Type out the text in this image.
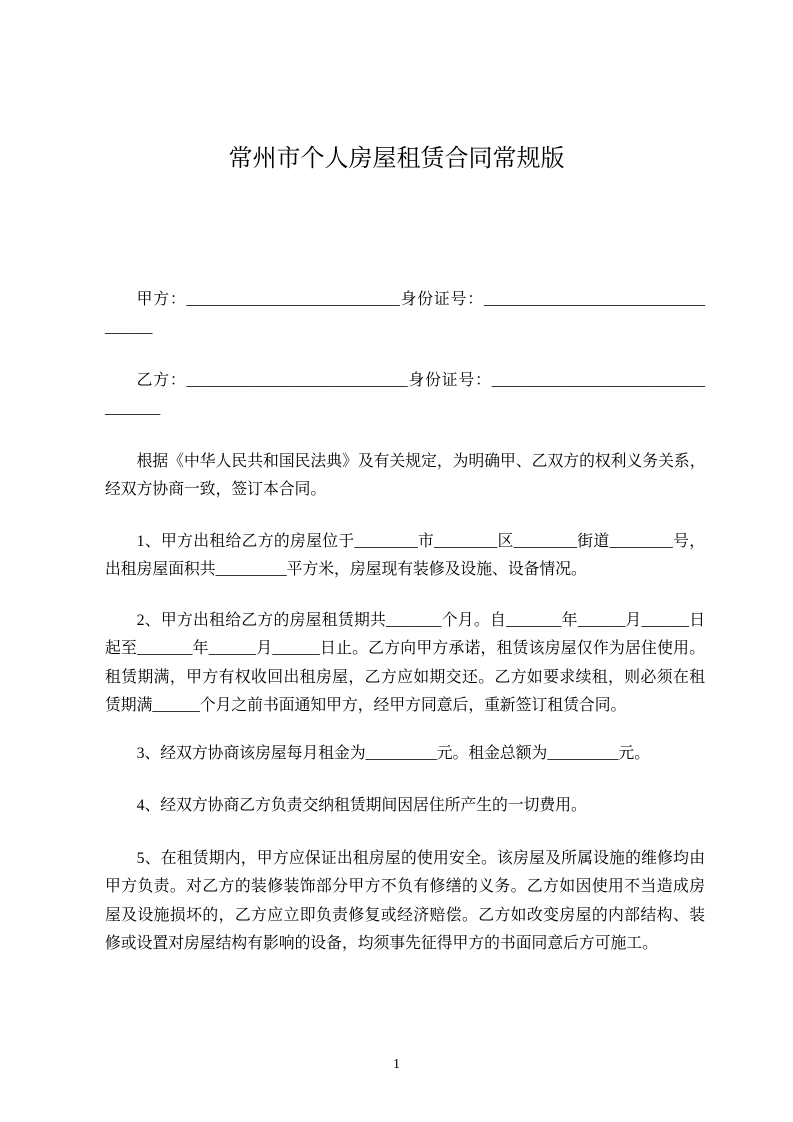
常州市个人房屋租赁合同常规版
甲方：___________________________身份证号：____________________________
______
乙方：____________________________身份证号：___________________________
_______
根据《中华人民共和国民法典》及有关规定，为明确甲、乙双方的权利义务关系，
经双方协商一致，签订本合同。
1、甲方出租给乙方的房屋位于________市________区________街道________号，
出租房屋面积共_________平方米，房屋现有装修及设施、设备情况。
2、甲方出租给乙方的房屋租赁期共_______个月。自_______年______月______日
起至_______年______月______日止。乙方向甲方承诺，租赁该房屋仅作为居住使用。
租赁期满，甲方有权收回出租房屋，乙方应如期交还。乙方如要求续租，则必须在租
赁期满______个月之前书面通知甲方，经甲方同意后，重新签订租赁合同。
3、经双方协商该房屋每月租金为_________元。租金总额为_________元。
4、经双方协商乙方负责交纳租赁期间因居住所产生的一切费用。
5、在租赁期内，甲方应保证出租房屋的使用安全。该房屋及所属设施的维修均由
甲方负责。对乙方的装修装饰部分甲方不负有修缮的义务。乙方如因使用不当造成房
屋及设施损坏的，乙方应立即负责修复或经济赔偿。乙方如改变房屋的内部结构、装
修或设置对房屋结构有影响的设备，均须事先征得甲方的书面同意后方可施工。
1
